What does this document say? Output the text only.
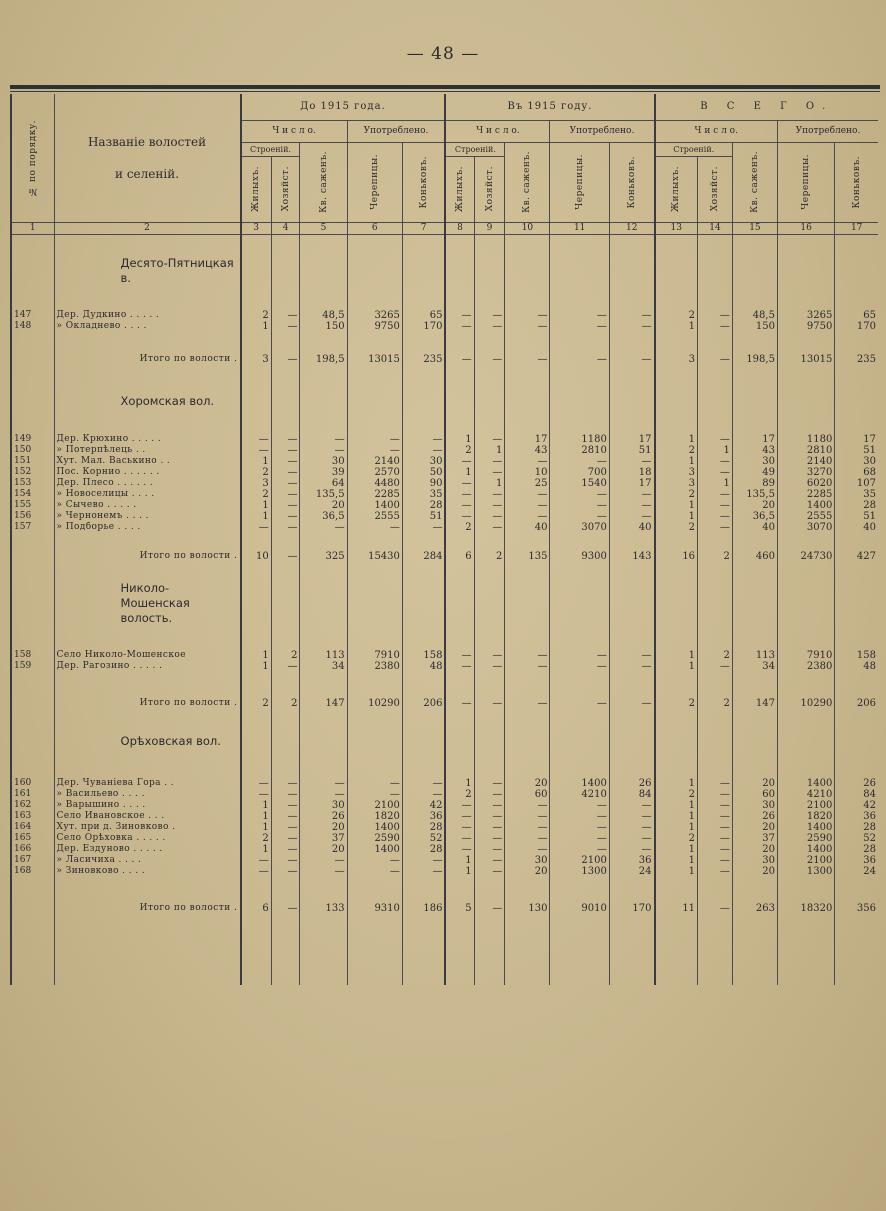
— 48 —
№ по порядку.	Названіе волостей
и селеній.	До 1915 года.					Въ 1915 году.					В С Е Г О.				
		Ч и с л о.			Употреблено.		Ч и с л о.			Употреблено.		Ч и с л о.			Употреблено.	
		Строеній.		Кв. саженъ.	Черепицы.	Коньковъ.	Строеній.		Кв. саженъ.	Черепицы.	Коньковъ.	Строеній.		Кв. саженъ.	Черепицы.	Коньковъ.

		Жилыхъ.	Хозяйст.				Жилыхъ.	Хозяйст.				Жилыхъ.	Хозяйст.			

1	2	3	4	5	6	7	8	9	10	11	12	13	14	15	16	17

	Десято-Пятницкая в.															

147	Дер. Дудкино . . . . .	2	—	48,5	3265	65	—	—	—	—	—	2	—	48,5	3265	65
148	» Окладнево . . . .	1	—	150	9750	170	—	—	—	—	—	1	—	150	9750	170

	Итого по волости .	3	—	198,5	13015	235	—	—	—	—	—	3	—	198,5	13015	235

	Хоромская вол.															

149	Дер. Крюхино . . . . .	—	—	—	—	—	1	—	17	1180	17	1	—	17	1180	17
150	» Потерпѣлець . .	—	—	—	—	—	2	1	43	2810	51	2	1	43	2810	51
151	Хут. Мал. Васькино . .	1	—	30	2140	30	—	—	—	—	—	1	—	30	2140	30
152	Пос. Корнио . . . . . .	2	—	39	2570	50	1	—	10	700	18	3	—	49	3270	68
153	Дер. Плесо . . . . . .	3	—	64	4480	90	—	1	25	1540	17	3	1	89	6020	107
154	» Новоселицы . . . .	2	—	135,5	2285	35	—	—	—	—	—	2	—	135,5	2285	35
155	» Сычево . . . . .	1	—	20	1400	28	—	—	—	—	—	1	—	20	1400	28
156	» Чернонемъ . . . .	1	—	36,5	2555	51	—	—	—	—	—	1	—	36,5	2555	51
157	» Подборье . . . .	—	—	—	—	—	2	—	40	3070	40	2	—	40	3070	40

	Итого по волости .	10	—	325	15430	284	6	2	135	9300	143	16	2	460	24730	427

	Николо-Мошенская волость.															

158	Село Николо-Мошенское	1	2	113	7910	158	—	—	—	—	—	1	2	113	7910	158
159	Дер. Рагозино . . . . .	1	—	34	2380	48	—	—	—	—	—	1	—	34	2380	48

	Итого по волости .	2	2	147	10290	206	—	—	—	—	—	2	2	147	10290	206

	Орѣховская вол.															

160	Дер. Чуваніева Гора . .	—	—	—	—	—	1	—	20	1400	26	1	—	20	1400	26
161	» Васильево . . . .	—	—	—	—	—	2	—	60	4210	84	2	—	60	4210	84
162	» Варышино . . . .	1	—	30	2100	42	—	—	—	—	—	1	—	30	2100	42
163	Село Ивановское . . .	1	—	26	1820	36	—	—	—	—	—	1	—	26	1820	36
164	Хут. при д. Зиновково .	1	—	20	1400	28	—	—	—	—	—	1	—	20	1400	28
165	Село Орѣховка . . . . .	2	—	37	2590	52	—	—	—	—	—	2	—	37	2590	52
166	Дер. Ездуново . . . . .	1	—	20	1400	28	—	—	—	—	—	1	—	20	1400	28
167	» Ласичиха . . . .	—	—	—	—	—	1	—	30	2100	36	1	—	30	2100	36
168	» Зиновково . . . .	—	—	—	—	—	1	—	20	1300	24	1	—	20	1300	24

	Итого по волости .	6	—	133	9310	186	5	—	130	9010	170	11	—	263	18320	356
